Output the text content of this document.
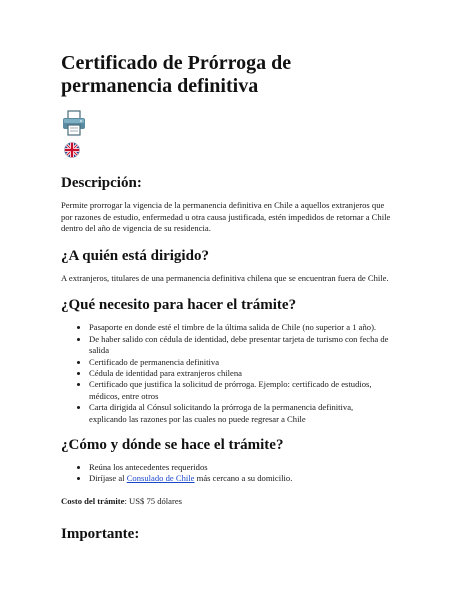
Certificado de Prórroga de permanencia definitiva
Descripción:

Permite prorrogar la vigencia de la permanencia definitiva en Chile a aquellos extranjeros que por razones de estudio, enfermedad u otra causa justificada, estén impedidos de retornar a Chile dentro del año de vigencia de su residencia.

¿A quién está dirigido?

A extranjeros, titulares de una permanencia definitiva chilena que se encuentran fuera de Chile.

¿Qué necesito para hacer el trámite?
• Pasaporte en donde esté el timbre de la última salida de Chile (no superior a 1 año).
• De haber salido con cédula de identidad, debe presentar tarjeta de turismo con fecha de salida
• Certificado de permanencia definitiva
• Cédula de identidad para extranjeros chilena
• Certificado que justifica la solicitud de prórroga. Ejemplo: certificado de estudios, médicos, entre otros
• Carta dirigida al Cónsul solicitando la prórroga de la permanencia definitiva, explicando las razones por las cuales no puede regresar a Chile
¿Cómo y dónde se hace el trámite?
• Reúna los antecedentes requeridos
• Diríjase al Consulado de Chile más cercano a su domicilio.

Costo del trámite: US$ 75 dólares

Importante:
